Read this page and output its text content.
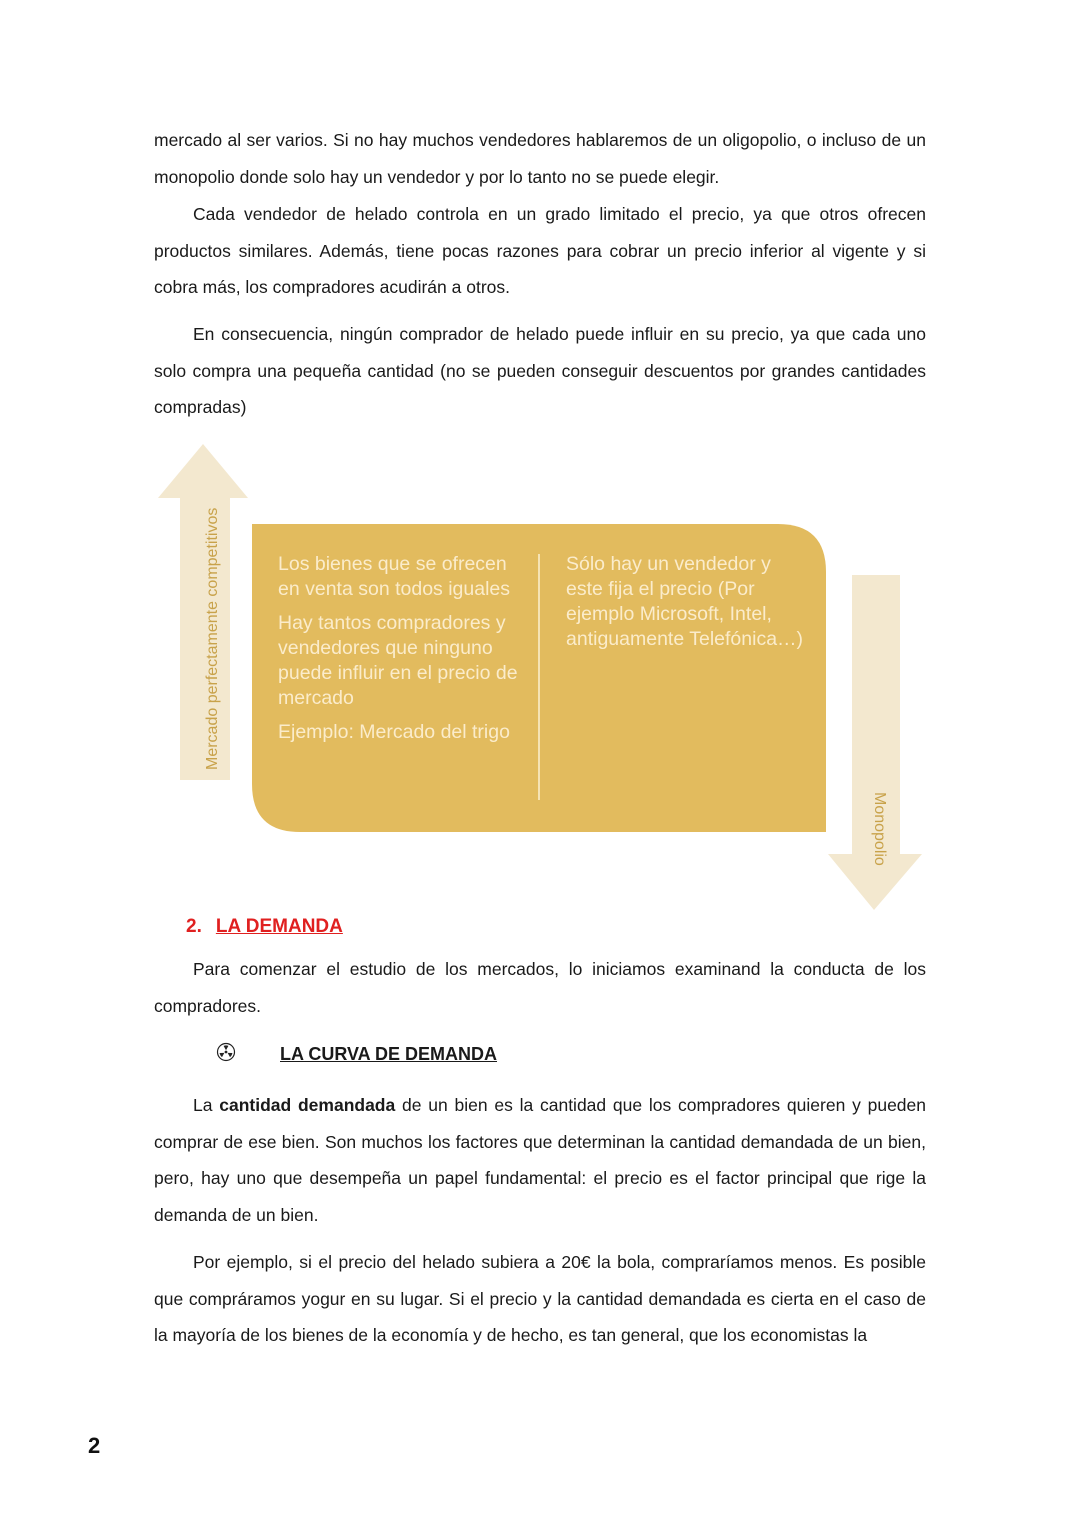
mercado al ser varios. Si no hay muchos vendedores hablaremos de un oligopolio, o incluso de un monopolio donde solo hay un vendedor y por lo tanto no se puede elegir.

Cada vendedor de helado controla en un grado limitado el precio, ya que otros ofrecen productos similares. Además, tiene pocas razones para cobrar un precio inferior al vigente y si cobra más, los compradores acudirán a otros.

En consecuencia, ningún comprador de helado puede influir en su precio, ya que cada uno solo compra una pequeña cantidad (no se pueden conseguir descuentos por grandes cantidades compradas)

Los bienes que se ofrecen en venta son todos iguales
Hay tantos compradores y vendedores que ninguno puede influir en el precio de mercado
Ejemplo: Mercado del trigo
Sólo hay un vendedor y este fija el precio (Por ejemplo Microsoft, Intel, antiguamente Telefónica…)
Mercado perfectamente competitivos
Monopolio
2. LA DEMANDA

Para comenzar el estudio de los mercados, lo iniciamos examinand la conducta de los compradores.

LA CURVA DE DEMANDA

La cantidad demandada de un bien es la cantidad que los compradores quieren y pueden comprar de ese bien. Son muchos los factores que determinan la cantidad demandada de un bien, pero, hay uno que desempeña un papel fundamental: el precio es el factor principal que rige la demanda de un bien.

Por ejemplo, si el precio del helado subiera a 20€ la bola, compraríamos menos. Es posible que compráramos yogur en su lugar. Si el precio y la cantidad demandada es cierta en el caso de la mayoría de los bienes de la economía y de hecho, es tan general, que los economistas la

2
